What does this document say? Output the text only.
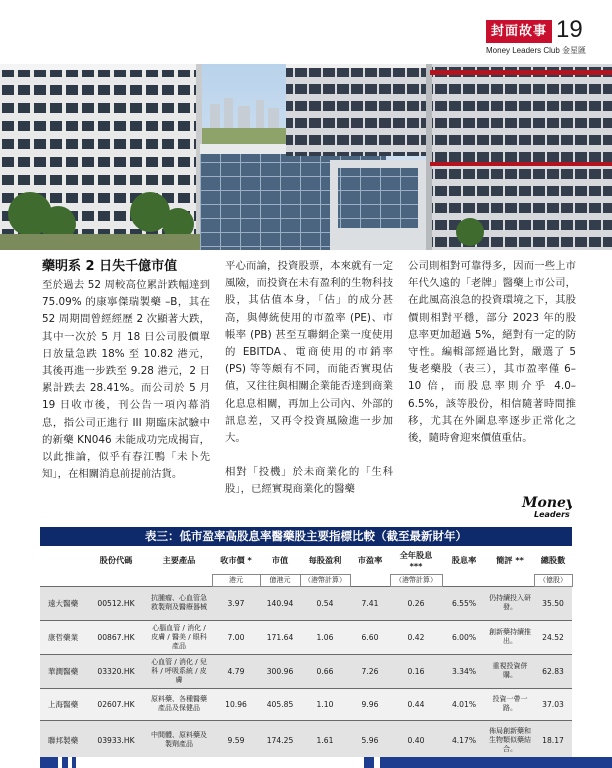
封面故事 19
Money Leaders Club 金星匯
藥明系 2 日失千億市值

至於過去 52 周較高位累計跌幅達到 75.09% 的康寧傑瑞製藥 –B，其在 52 周期間曾經經歷 2 次顯著大跌，其中一次於 5 月 18 日公司股價單日放量急跌 18% 至 10.82 港元，其後再進一步跌至 9.28 港元，2 日累計跌去 28.41%。而公司於 5 月 19 日收市後，刊公告一項內幕消息，指公司正進行 III 期臨床試驗中的新藥 KN046 未能成功完成揭盲，以此推論，似乎有春江鴨「未卜先知」，在相關消息前提前沽貨。

平心而論，投資股票，本來就有一定風險，而投資在未有盈利的生物科技股，其估值本身，「估」的成分甚高，與傳統使用的市盈率 (PE)、市帳率 (PB) 甚至互聯網企業一度使用的 EBITDA、電商使用的市銷率 (PS) 等等頗有不同，而能否實現估值，又往往與相關企業能否達到商業化息息相關，再加上公司內、外部的訊息差，又再令投資風險進一步加大。

相對「投機」於未商業化的「生科股」，已經實現商業化的醫藥

公司則相對可靠得多，因而一些上市年代久遠的「老牌」醫藥上市公司，在此風高浪急的投資環境之下，其股價則相對平穩，部分 2023 年的股息率更加超過 5%，絕對有一定的防守性。編輯部經過比對，嚴選了 5 隻老藥股（表三），其市盈率僅 6–10 倍，而股息率則介乎 4.0–6.5%，該等股份，相信隨著時間推移，尤其在外圍息率逐步正常化之後，隨時會迎來價值重估。

Money
Leaders
表三：低市盈率高股息率醫藥股主要指標比較（截至最新財年）
	股份代碼	主要產品	收市價 *	市值	每股盈利	市盈率	全年股息 ***	股息率	簡評 **	總股數
			港元	億港元	（港幣計算）		（港幣計算）			（億股）
遠大醫藥	00512.HK	抗腫瘤、心血管急救製劑及醫療器械	3.97	140.94	0.54	7.41	0.26	6.55%	仍持續投入研發。	35.50
康哲藥業	00867.HK	心腦血管 / 消化 / 皮膚 / 醫美 / 眼科產品	7.00	171.64	1.06	6.60	0.42	6.00%	創新藥持續推出。	24.52
華潤醫藥	03320.HK	心血管 / 消化 / 兒科 / 呼吸系統 / 皮膚	4.79	300.96	0.66	7.26	0.16	3.34%	重視投資併購。	62.83
上海醫藥	02607.HK	原料藥、各種醫藥產品及保健品	10.96	405.85	1.10	9.96	0.44	4.01%	投資一帶一路。	37.03
聯邦製藥	03933.HK	中間體、原料藥及製劑產品	9.59	174.25	1.61	5.96	0.40	4.17%	佈局創新藥和生物類似藥結合。	18.17
